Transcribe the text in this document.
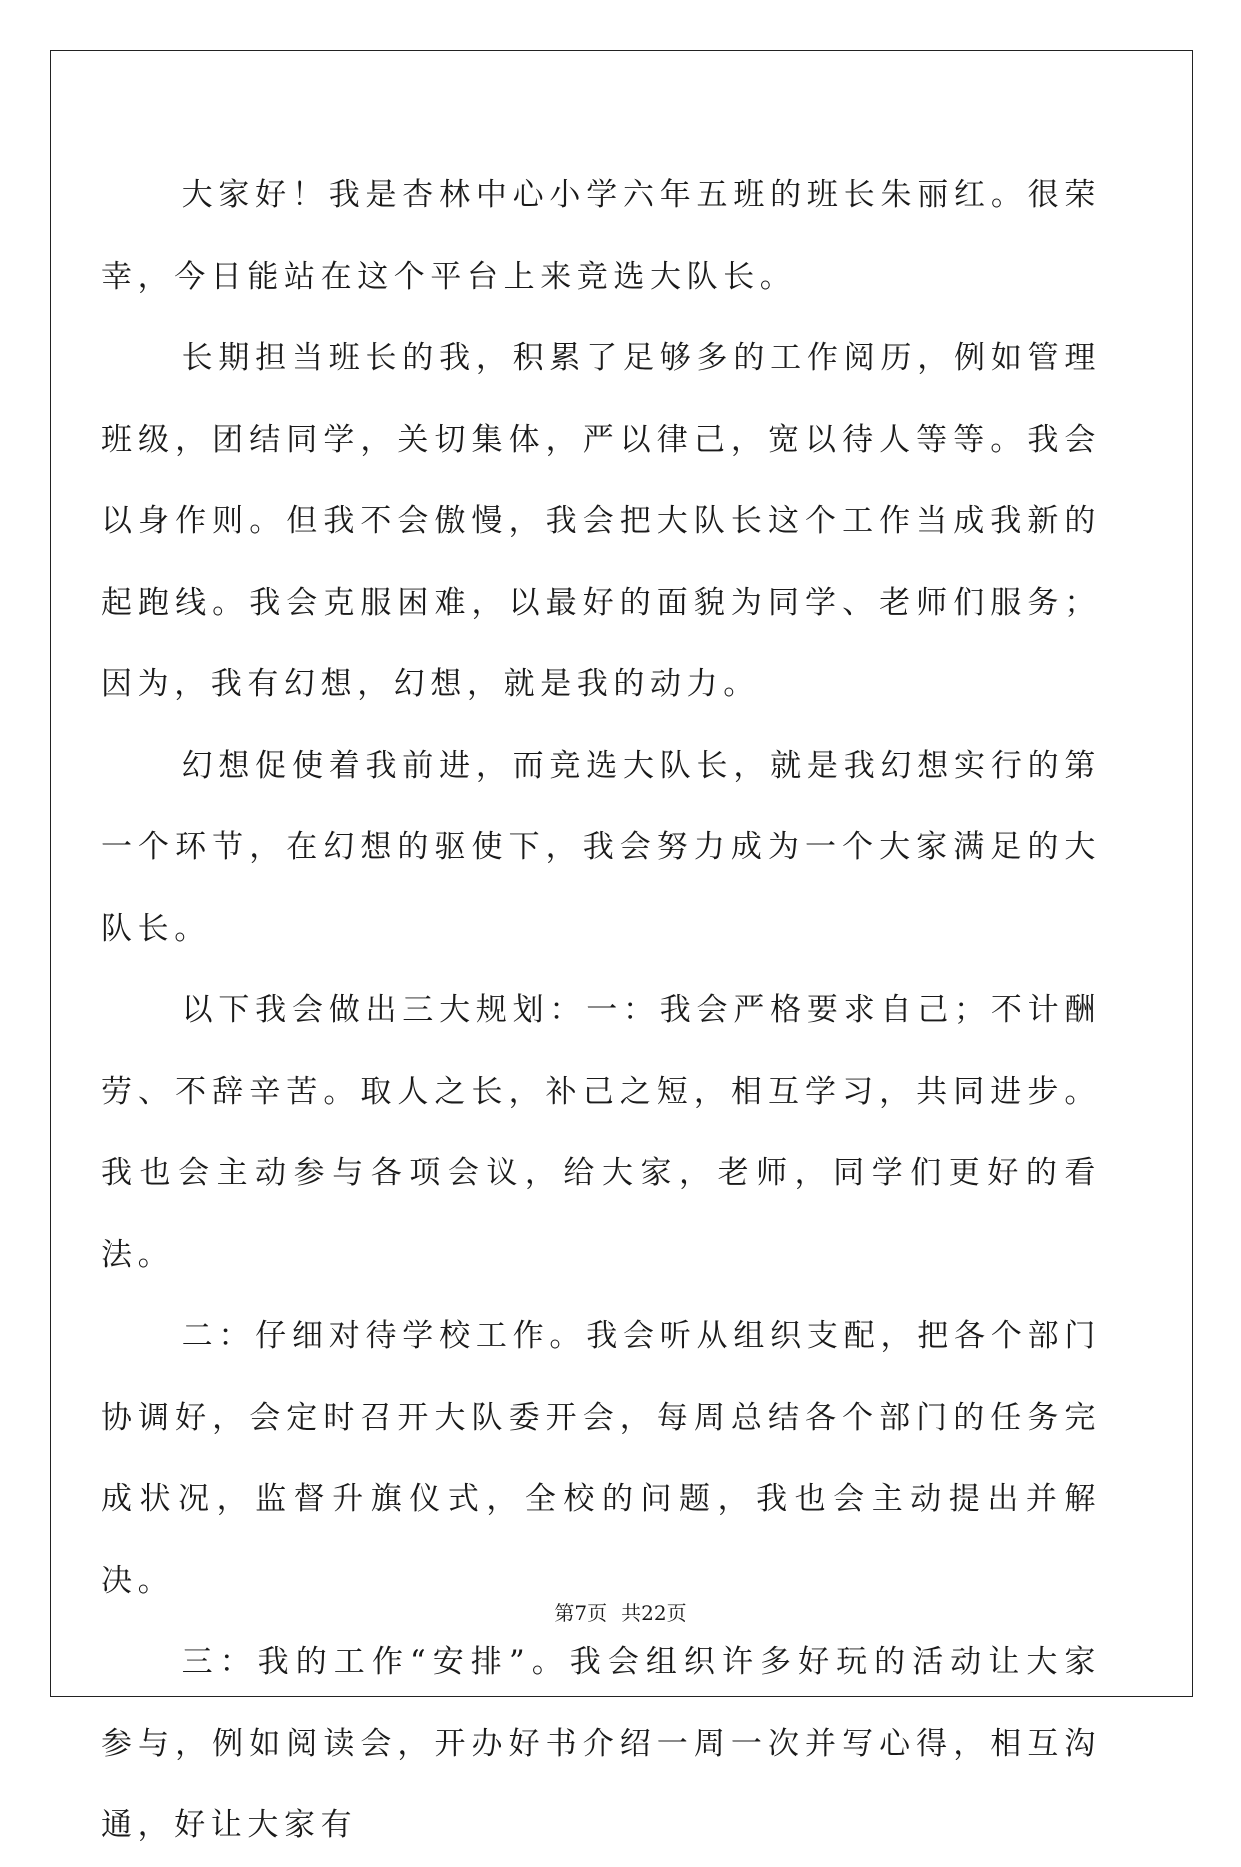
大家好！我是杏林中心小学六年五班的班长朱丽红。很荣幸，今日能站在这个平台上来竞选大队长。

长期担当班长的我，积累了足够多的工作阅历，例如管理班级，团结同学，关切集体，严以律己，宽以待人等等。我会以身作则。但我不会傲慢，我会把大队长这个工作当成我新的起跑线。我会克服困难，以最好的面貌为同学、老师们服务；因为，我有幻想，幻想，就是我的动力。

幻想促使着我前进，而竞选大队长，就是我幻想实行的第一个环节，在幻想的驱使下，我会努力成为一个大家满足的大队长。

以下我会做出三大规划：一：我会严格要求自己；不计酬劳、不辞辛苦。取人之长，补己之短，相互学习，共同进步。我也会主动参与各项会议，给大家，老师，同学们更好的看法。

二：仔细对待学校工作。我会听从组织支配，把各个部门协调好，会定时召开大队委开会，每周总结各个部门的任务完成状况，监督升旗仪式，全校的问题，我也会主动提出并解决。

三：我的工作“安排”。我会组织许多好玩的活动让大家参与，例如阅读会，开办好书介绍一周一次并写心得，相互沟通，好让大家有

第7页 共22页
